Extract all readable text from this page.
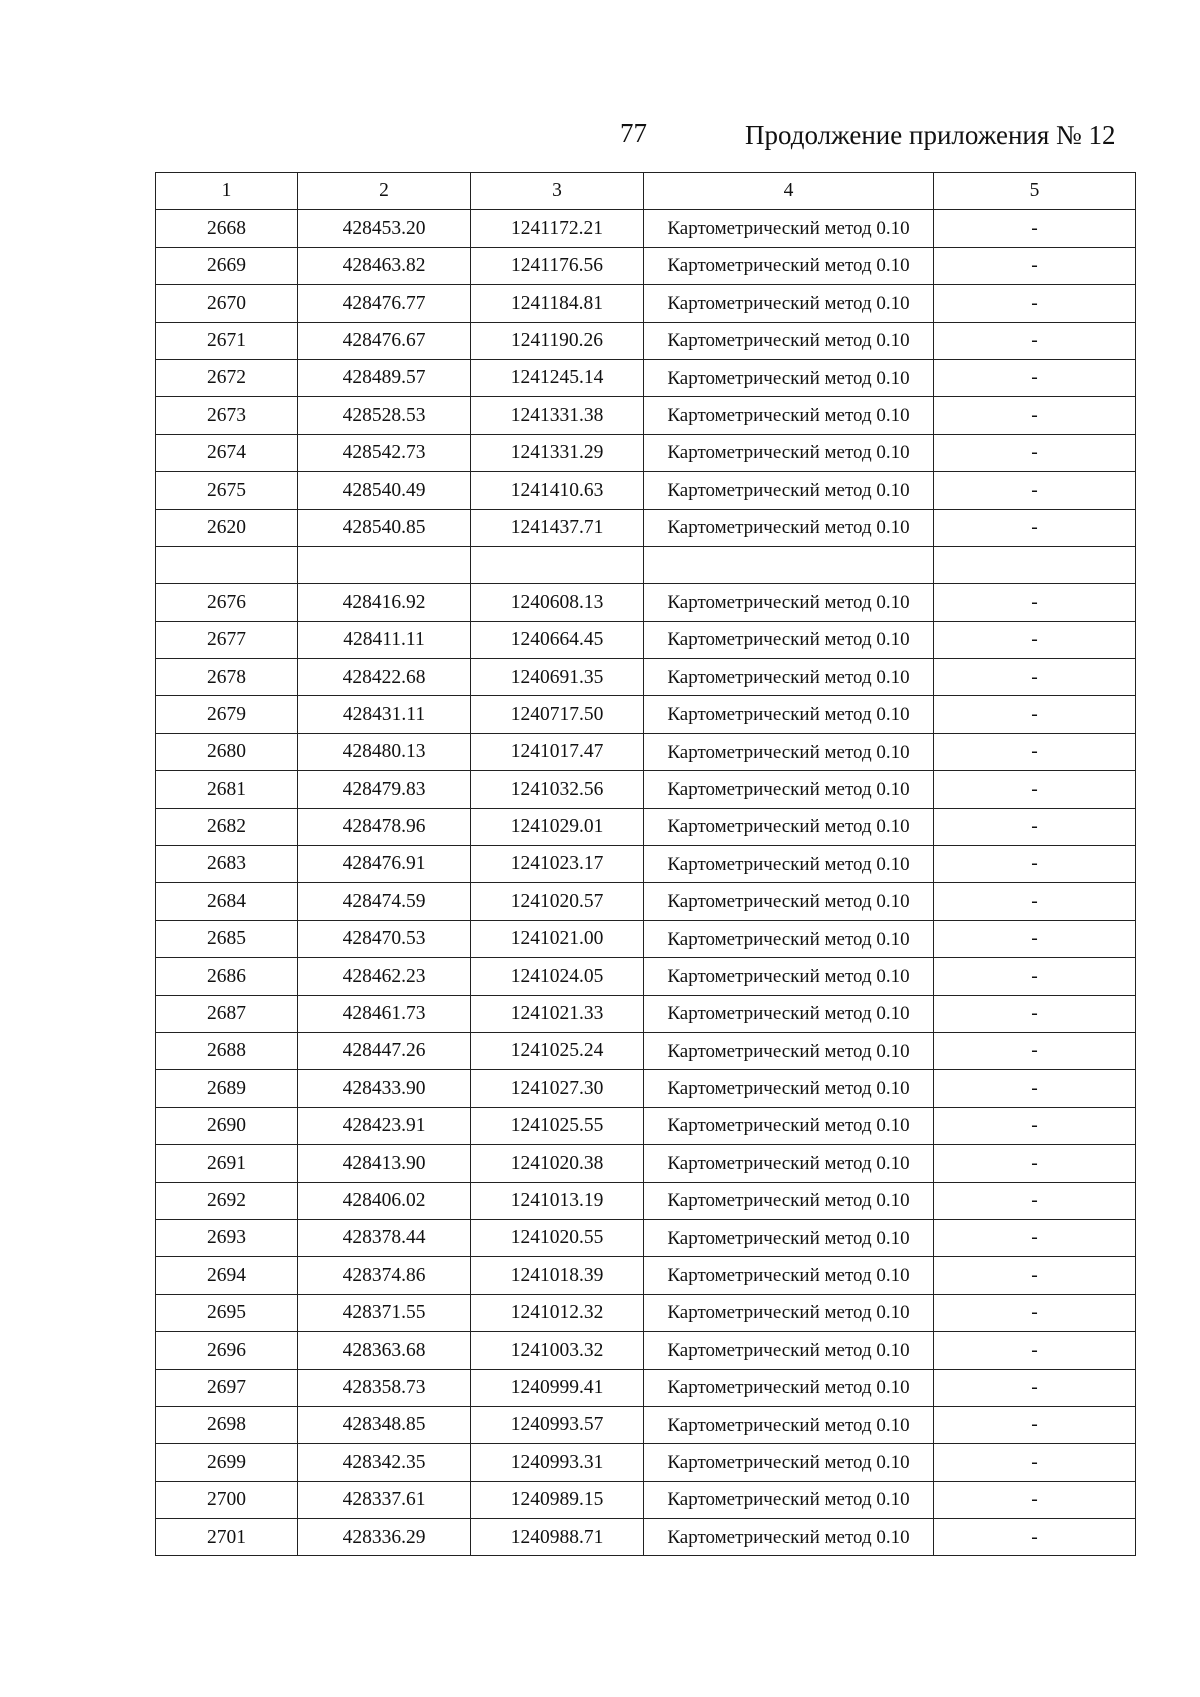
77	Продолжение приложения № 12
1	2	3	4	5
2668	428453.20	1241172.21	Картометрический метод 0.10	-
2669	428463.82	1241176.56	Картометрический метод 0.10	-
2670	428476.77	1241184.81	Картометрический метод 0.10	-
2671	428476.67	1241190.26	Картометрический метод 0.10	-
2672	428489.57	1241245.14	Картометрический метод 0.10	-
2673	428528.53	1241331.38	Картометрический метод 0.10	-
2674	428542.73	1241331.29	Картометрический метод 0.10	-
2675	428540.49	1241410.63	Картометрический метод 0.10	-
2620	428540.85	1241437.71	Картометрический метод 0.10	-

2676	428416.92	1240608.13	Картометрический метод 0.10	-
2677	428411.11	1240664.45	Картометрический метод 0.10	-
2678	428422.68	1240691.35	Картометрический метод 0.10	-
2679	428431.11	1240717.50	Картометрический метод 0.10	-
2680	428480.13	1241017.47	Картометрический метод 0.10	-
2681	428479.83	1241032.56	Картометрический метод 0.10	-
2682	428478.96	1241029.01	Картометрический метод 0.10	-
2683	428476.91	1241023.17	Картометрический метод 0.10	-
2684	428474.59	1241020.57	Картометрический метод 0.10	-
2685	428470.53	1241021.00	Картометрический метод 0.10	-
2686	428462.23	1241024.05	Картометрический метод 0.10	-
2687	428461.73	1241021.33	Картометрический метод 0.10	-
2688	428447.26	1241025.24	Картометрический метод 0.10	-
2689	428433.90	1241027.30	Картометрический метод 0.10	-
2690	428423.91	1241025.55	Картометрический метод 0.10	-
2691	428413.90	1241020.38	Картометрический метод 0.10	-
2692	428406.02	1241013.19	Картометрический метод 0.10	-
2693	428378.44	1241020.55	Картометрический метод 0.10	-
2694	428374.86	1241018.39	Картометрический метод 0.10	-
2695	428371.55	1241012.32	Картометрический метод 0.10	-
2696	428363.68	1241003.32	Картометрический метод 0.10	-
2697	428358.73	1240999.41	Картометрический метод 0.10	-
2698	428348.85	1240993.57	Картометрический метод 0.10	-
2699	428342.35	1240993.31	Картометрический метод 0.10	-
2700	428337.61	1240989.15	Картометрический метод 0.10	-
2701	428336.29	1240988.71	Картометрический метод 0.10	-
